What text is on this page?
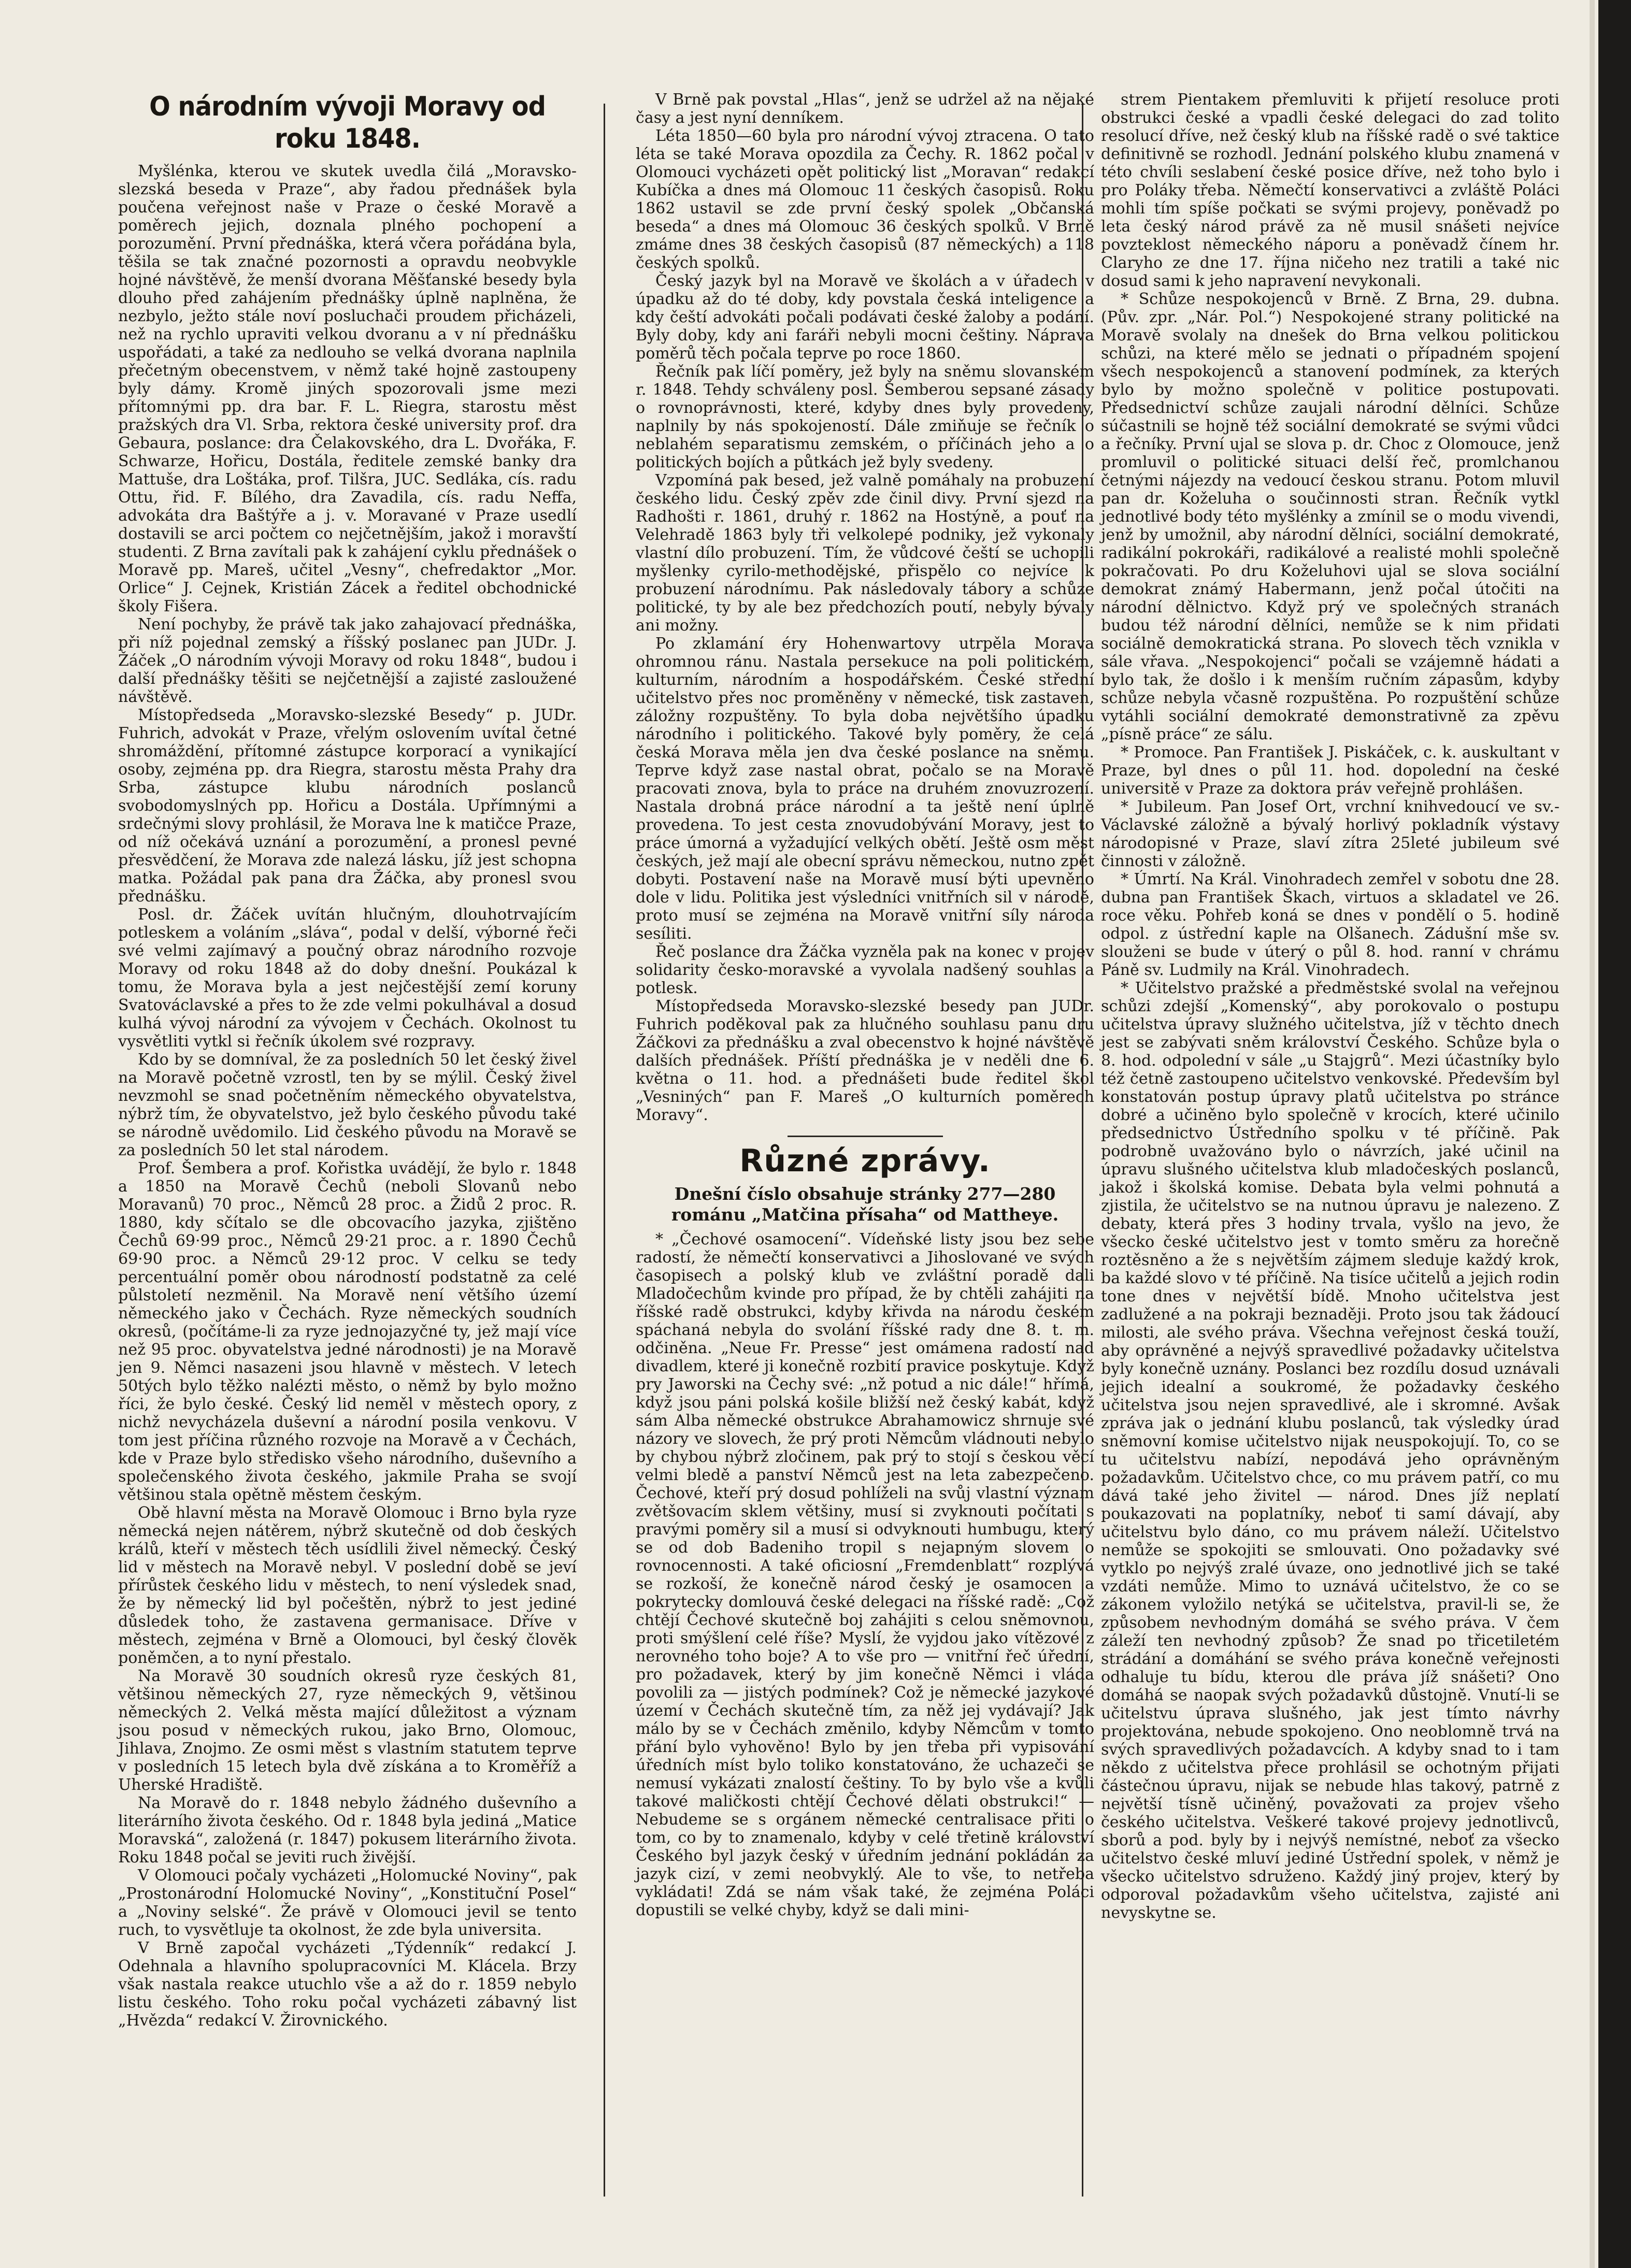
O národním vývoji Moravy od roku 1848.

Myšlénka, kterou ve skutek uvedla čilá „Moravsko-slezská beseda v Praze“, aby řadou přednášek byla poučena veřejnost naše v Praze o české Moravě a poměrech jejich, doznala plného pochopení a porozumění. První přednáška, která včera pořádána byla, těšila se tak značné pozornosti a opravdu neobvykle hojné návštěvě, že menší dvorana Měšťanské besedy byla dlouho před zahájením přednášky úplně naplněna, že nezbylo, ježto stále noví posluchači proudem přicházeli, než na rychlo upraviti velkou dvoranu a v ní přednášku uspořádati, a také za nedlouho se velká dvorana naplnila přečetným obecenstvem, v němž také hojně zastoupeny byly dámy. Kromě jiných spozorovali jsme mezi přítomnými pp. dra bar. F. L. Riegra, starostu měst pražských dra Vl. Srba, rektora české university prof. dra Gebaura, poslance: dra Čelakovského, dra L. Dvořáka, F. Schwarze, Hořicu, Dostála, ředitele zemské banky dra Mattuše, dra Loštáka, prof. Tilšra, JUC. Sedláka, cís. radu Ottu, řid. F. Bílého, dra Zavadila, cís. radu Neffa, advokáta dra Baštýře a j. v. Moravané v Praze usedlí dostavili se arci počtem co nejčetnějším, jakož i moravští studenti. Z Brna zavítali pak k zahájení cyklu přednášek o Moravě pp. Mareš, učitel „Vesny“, chefredaktor „Mor. Orlice“ J. Cejnek, Kristián Zácek a ředitel obchodnické školy Fišera.

Není pochyby, že právě tak jako zahajovací přednáška, při níž pojednal zemský a říšský poslanec pan JUDr. J. Žáček „O národním vývoji Moravy od roku 1848“, budou i další přednášky těšiti se nejčetnější a zajisté zasloužené návštěvě.

Místopředseda „Moravsko-slezské Besedy“ p. JUDr. Fuhrich, advokát v Praze, vřelým oslovením uvítal četné shromáždění, přítomné zástupce korporací a vynikající osoby, zejména pp. dra Riegra, starostu města Prahy dra Srba, zástupce klubu národních poslanců svobodomyslných pp. Hořicu a Dostála. Upřímnými a srdečnými slovy prohlásil, že Morava lne k matičce Praze, od níž očekává uznání a porozumění, a pronesl pevné přesvědčení, že Morava zde nalezá lásku, jíž jest schopna matka. Požádal pak pana dra Žáčka, aby pronesl svou přednášku.

Posl. dr. Žáček uvítán hlučným, dlouhotrvajícím potleskem a voláním „sláva“, podal v delší, výborné řeči své velmi zajímavý a poučný obraz národního rozvoje Moravy od roku 1848 až do doby dnešní. Poukázal k tomu, že Morava byla a jest nejčestější zemí koruny Svatováclavské a přes to že zde velmi pokulhával a dosud kulhá vývoj národní za vývojem v Čechách. Okolnost tu vysvětliti vytkl si řečník úkolem své rozpravy.

Kdo by se domníval, že za posledních 50 let český živel na Moravě početně vzrostl, ten by se mýlil. Český živel nevzmohl se snad početněním německého obyvatelstva, nýbrž tím, že obyvatelstvo, jež bylo českého původu také se národně uvědomilo. Lid českého původu na Moravě se za posledních 50 let stal národem.

Prof. Šembera a prof. Kořistka uvádějí, že bylo r. 1848 a 1850 na Moravě Čechů (neboli Slovanů nebo Moravanů) 70 proc., Němců 28 proc. a Židů 2 proc. R. 1880, kdy sčítalo se dle obcovacího jazyka, zjištěno Čechů 69·99 proc., Němců 29·21 proc. a r. 1890 Čechů 69·90 proc. a Němců 29·12 proc. V celku se tedy percentuální poměr obou národností podstatně za celé půlstoletí nezměnil. Na Moravě není většího území německého jako v Čechách. Ryze německých soudních okresů, (počítáme-li za ryze jednojazyčné ty, jež mají více než 95 proc. obyvatelstva jedné národnosti) je na Moravě jen 9. Němci nasazeni jsou hlavně v městech. V letech 50tých bylo těžko nalézti město, o němž by bylo možno říci, že bylo české. Český lid neměl v městech opory, z nichž nevycházela duševní a národní posila venkovu. V tom jest příčina různého rozvoje na Moravě a v Čechách, kde v Praze bylo středisko všeho národního, duševního a společenského života českého, jakmile Praha se svojí většinou stala opětně městem českým.

Obě hlavní města na Moravě Olomouc i Brno byla ryze německá nejen nátěrem, nýbrž skutečně od dob českých králů, kteří v městech těch usídlili živel německý. Český lid v městech na Moravě nebyl. V poslední době se jeví přírůstek českého lidu v městech, to není výsledek snad, že by německý lid byl počeštěn, nýbrž to jest jediné důsledek toho, že zastavena germanisace. Dříve v městech, zejména v Brně a Olomouci, byl český člověk poněmčen, a to nyní přestalo.

Na Moravě 30 soudních okresů ryze českých 81, většinou německých 27, ryze německých 9, většinou německých 2. Velká města mající důležitost a význam jsou posud v německých rukou, jako Brno, Olomouc, Jihlava, Znojmo. Ze osmi měst s vlastním statutem teprve v posledních 15 letech byla dvě získána a to Kroměříž a Uherské Hradiště.

Na Moravě do r. 1848 nebylo žádného duševního a literárního života českého. Od r. 1848 byla jediná „Matice Moravská“, založená (r. 1847) pokusem literárního života. Roku 1848 počal se jeviti ruch živější.

V Olomouci počaly vycházeti „Holomucké Noviny“, pak „Prostonárodní Holomucké Noviny“, „Konstituční Posel“ a „Noviny selské“. Že právě v Olomouci jevil se tento ruch, to vysvětluje ta okolnost, že zde byla universita.

V Brně započal vycházeti „Týdenník“ redakcí J. Odehnala a hlavního spolupracovníci M. Klácela. Brzy však nastala reakce utuchlo vše a až do r. 1859 nebylo listu českého. Toho roku počal vycházeti zábavný list „Hvězda“ redakcí V. Žirovnického.

V Brně pak povstal „Hlas“, jenž se udržel až na nějaké časy a jest nyní denníkem.

Léta 1850—60 byla pro národní vývoj ztracena. O tato léta se také Morava opozdila za Čechy. R. 1862 počal v Olomouci vycházeti opět politický list „Moravan“ redakcí Kubíčka a dnes má Olomouc 11 českých časopisů. Roku 1862 ustavil se zde první český spolek „Občanská beseda“ a dnes má Olomouc 36 českých spolků. V Brně zmáme dnes 38 českých časopisů (87 německých) a 118 českých spolků.

Český jazyk byl na Moravě ve školách a v úřadech v úpadku až do té doby, kdy povstala česká inteligence a kdy čeští advokáti počali podávati české žaloby a podání. Byly doby, kdy ani faráři nebyli mocni češtiny. Náprava poměrů těch počala teprve po roce 1860.

Řečník pak líčí poměry, jež byly na sněmu slovanském r. 1848. Tehdy schváleny posl. Šemberou sepsané zásady o rovnoprávnosti, které, kdyby dnes byly provedeny, naplnily by nás spokojeností. Dále zmiňuje se řečník o neblahém separatismu zemském, o příčinách jeho a o politických bojích a půtkách jež byly svedeny.

Vzpomíná pak besed, jež valně pomáhaly na probuzení českého lidu. Český zpěv zde činil divy. První sjezd na Radhošti r. 1861, druhý r. 1862 na Hostýně, a pouť na Velehradě 1863 byly tři velkolepé podniky, jež vykonaly vlastní dílo probuzení. Tím, že vůdcové čeští se uchopili myšlenky cyrilo-methodějské, přispělo co nejvíce k probuzení národnímu. Pak následovaly tábory a schůze politické, ty by ale bez předchozích poutí, nebyly bývaly ani možny.

Po zklamání éry Hohenwartovy utrpěla Morava ohromnou ránu. Nastala persekuce na poli politickém, kulturním, národním a hospodářském. České střední učitelstvo přes noc proměněny v německé, tisk zastaven, záložny rozpuštěny. To byla doba největšího úpadku národního i politického. Takové byly poměry, že celá česká Morava měla jen dva české poslance na sněmu. Teprve když zase nastal obrat, počalo se na Moravě pracovati znova, byla to práce na druhém znovuzrození. Nastala drobná práce národní a ta ještě není úplně provedena. To jest cesta znovudobývání Moravy, jest to práce úmorná a vyžadující velkých obětí. Ještě osm měst českých, jež mají ale obecní správu německou, nutno zpět dobyti. Postavení naše na Moravě musí býti upevněno dole v lidu. Politika jest výsledníci vnitřních sil v národě, proto musí se zejména na Moravě vnitřní síly národa sesíliti.

Řeč poslance dra Žáčka vyzněla pak na konec v projev solidarity česko-moravské a vyvolala nadšený souhlas a potlesk.

Místopředseda Moravsko-slezské besedy pan JUDr. Fuhrich poděkoval pak za hlučného souhlasu panu dru Žáčkovi za přednášku a zval obecenstvo k hojné návštěvě dalších přednášek. Příští přednáška je v neděli dne 6. května o 11. hod. a přednášeti bude ředitel škol „Vesniných“ pan F. Mareš „O kulturních poměrech Moravy“.

Různé zprávy.
Dnešní číslo obsahuje stránky 277—280 románu „Matčina přísaha“ od Mattheye.

* „Čechové osamocení“. Vídeňské listy jsou bez sebe radostí, že němečtí konservativci a Jihoslované ve svých časopisech a polský klub ve zvláštní poradě dali Mladočechům kvinde pro případ, že by chtěli zahájiti na říšské radě obstrukci, kdyby křivda na národu českém spáchaná nebyla do svolání říšské rady dne 8. t. m. odčiněna. „Neue Fr. Presse“ jest omámena radostí nad divadlem, které ji konečně rozbití pravice poskytuje. Když pry Jaworski na Čechy své: „nž potud a nic dále!“ hřímá, když jsou páni polská košile bližší než český kabát, když sám Alba německé obstrukce Abrahamowicz shrnuje své názory ve slovech, že prý proti Němcům vládnouti nebylo by chybou nýbrž zločinem, pak prý to stojí s českou věcí velmi bledě a panství Němců jest na leta zabezpečeno. Čechové, kteří prý dosud pohlíželi na svůj vlastní význam zvětšovacím sklem většiny, musí si zvyknouti počítati s pravými poměry sil a musí si odvyknouti humbugu, který se od dob Badeniho tropil s nejapným slovem o rovnocennosti. A také oficiosní „Fremdenblatt“ rozplývá se rozkoší, že konečně národ český je osamocen a pokrytecky domlouvá české delegaci na říšské radě: „Což chtějí Čechové skutečně boj zahájiti s celou sněmovnou, proti smýšlení celé říše? Myslí, že vyjdou jako vítězové z nerovného toho boje? A to vše pro — vnitřní řeč úřední, pro požadavek, který by jim konečně Němci i vláda povolili za — jistých podmínek? Což je německé jazykové území v Čechách skutečně tím, za něž jej vydávají? Jak málo by se v Čechách změnilo, kdyby Němcům v tomto přání bylo vyhověno! Bylo by jen třeba při vypisování úředních míst bylo toliko konstatováno, že uchazeči se nemusí vykázati znalostí češtiny. To by bylo vše a kvůli takové maličkosti chtějí Čechové dělati obstrukci!“ — Nebudeme se s orgánem německé centralisace přiti o tom, co by to znamenalo, kdyby v celé třetině království Českého byl jazyk český v úředním jednání pokládán za jazyk cizí, v zemi neobvyklý. Ale to vše, to netřeba vykládati! Zdá se nám však také, že zejména Poláci dopustili se velké chyby, když se dali mini-

strem Pientakem přemluviti k přijetí resoluce proti obstrukci české a vpadli české delegaci do zad tolito resolucí dříve, než český klub na říšské radě o své taktice definitivně se rozhodl. Jednání polského klubu znamená v této chvíli seslabení české posice dříve, než toho bylo i pro Poláky třeba. Němečtí konservativci a zvláště Poláci mohli tím spíše počkati se svými projevy, poněvadž po leta český národ právě za ně musil snášeti nejvíce povzteklost německého náporu a poněvadž čínem hr. Claryho ze dne 17. října ničeho nez tratili a také nic dosud sami k jeho napravení nevykonali.

* Schůze nespokojenců v Brně. Z Brna, 29. dubna. (Pův. zpr. „Nár. Pol.“) Nespokojené strany politické na Moravě svolaly na dnešek do Brna velkou politickou schůzi, na které mělo se jednati o případném spojení všech nespokojenců a stanovení podmínek, za kterých bylo by možno společně v politice postupovati. Předsednictví schůze zaujali národní dělníci. Schůze súčastnili se hojně též sociální demokraté se svými vůdci a řečníky. První ujal se slova p. dr. Choc z Olomouce, jenž promluvil o politické situaci delší řeč, promlchanou četnými nájezdy na vedoucí českou stranu. Potom mluvil pan dr. Koželuha o součinnosti stran. Řečník vytkl jednotlivé body této myšlénky a zmínil se o modu vivendi, jenž by umožnil, aby národní dělníci, sociální demokraté, radikální pokrokáři, radikálové a realisté mohli společně pokračovati. Po dru Koželuhovi ujal se slova sociální demokrat známý Habermann, jenž počal útočiti na národní dělnictvo. Když prý ve společných stranách budou též národní dělníci, nemůže se k nim přidati sociálně demokratická strana. Po slovech těch vznikla v sále vřava. „Nespokojenci“ počali se vzájemně hádati a bylo tak, že došlo i k menším ručním zápasům, kdyby schůze nebyla včasně rozpuštěna. Po rozpuštění schůze vytáhli sociální demokraté demonstrativně za zpěvu „písně práce“ ze sálu.

* Promoce. Pan František J. Piskáček, c. k. auskultant v Praze, byl dnes o půl 11. hod. dopolední na české universitě v Praze za doktora práv veřejně prohlášen.

* Jubileum. Pan Josef Ort, vrchní knihvedoucí ve sv.-Václavské záložně a bývalý horlivý pokladník výstavy národopisné v Praze, slaví zítra 25leté jubileum své činnosti v záložně.

* Úmrtí. Na Král. Vinohradech zemřel v sobotu dne 28. dubna pan František Škach, virtuos a skladatel ve 26. roce věku. Pohřeb koná se dnes v pondělí o 5. hodině odpol. z ústřední kaple na Olšanech. Zádušní mše sv. slouženi se bude v úterý o půl 8. hod. ranní v chrámu Páně sv. Ludmily na Král. Vinohradech.

* Učitelstvo pražské a předměstské svolal na veřejnou schůzi zdejší „Komenský“, aby porokovalo o postupu učitelstva úpravy služného učitelstva, jíž v těchto dnech jest se zabývati sněm království Českého. Schůze byla o 8. hod. odpolední v sále „u Stajgrů“. Mezi účastníky bylo též četně zastoupeno učitelstvo venkovské. Především byl konstatován postup úpravy platů učitelstva po stránce dobré a učiněno bylo společně v krocích, které učinilo předsednictvo Ústředního spolku v té příčině. Pak podrobně uvažováno bylo o návrzích, jaké učinil na úpravu slušného učitelstva klub mladočeských poslanců, jakož i školská komise. Debata byla velmi pohnutá a zjistila, že učitelstvo se na nutnou úpravu je nalezeno. Z debaty, která přes 3 hodiny trvala, vyšlo na jevo, že všecko české učitelstvo jest v tomto směru za horečně roztěsněno a že s největším zájmem sleduje každý krok, ba každé slovo v té příčině. Na tisíce učitelů a jejich rodin tone dnes v největší bídě. Mnoho učitelstva jest zadlužené a na pokraji beznaději. Proto jsou tak žádoucí milosti, ale svého práva. Všechna veřejnost česká touží, aby oprávněné a nejvýš spravedlivé požadavky učitelstva byly konečně uznány. Poslanci bez rozdílu dosud uznávali jejich idealní a soukromé, že požadavky českého učitelstva jsou nejen spravedlivé, ale i skromné. Avšak zpráva jak o jednání klubu poslanců, tak výsledky úrad sněmovní komise učitelstvo nijak neuspokojují. To, co se tu učitelstvu nabízí, nepodává jeho oprávněným požadavkům. Učitelstvo chce, co mu právem patří, co mu dává také jeho živitel — národ. Dnes jíž neplatí poukazovati na poplatníky, neboť ti samí dávají, aby učitelstvu bylo dáno, co mu právem náleží. Učitelstvo nemůže se spokojiti se smlouvati. Ono požadavky své vytklo po nejvýš zralé úvaze, ono jednotlivé jich se také vzdáti nemůže. Mimo to uznává učitelstvo, že co se zákonem vyložilo netýká se učitelstva, pravil-li se, že způsobem nevhodným domáhá se svého práva. V čem záleží ten nevhodný způsob? Že snad po třicetiletém strádání a domáhání se svého práva konečně veřejnosti odhaluje tu bídu, kterou dle práva jíž snášeti? Ono domáhá se naopak svých požadavků důstojně. Vnutí-li se učitelstvu úprava slušného, jak jest tímto návrhy projektována, nebude spokojeno. Ono neoblomně trvá na svých spravedlivých požadavcích. A kdyby snad to i tam někdo z učitelstva přece prohlásil se ochotným přijati částečnou úpravu, nijak se nebude hlas takový, patrně z největší tísně učiněný, považovati za projev všeho českého učitelstva. Veškeré takové projevy jednotlivců, sborů a pod. byly by i nejvýš nemístné, neboť za všecko učitelstvo české mluví jediné Ústřední spolek, v němž je všecko učitelstvo sdruženo. Každý jiný projev, který by odporoval požadavkům všeho učitelstva, zajisté ani nevyskytne se.
